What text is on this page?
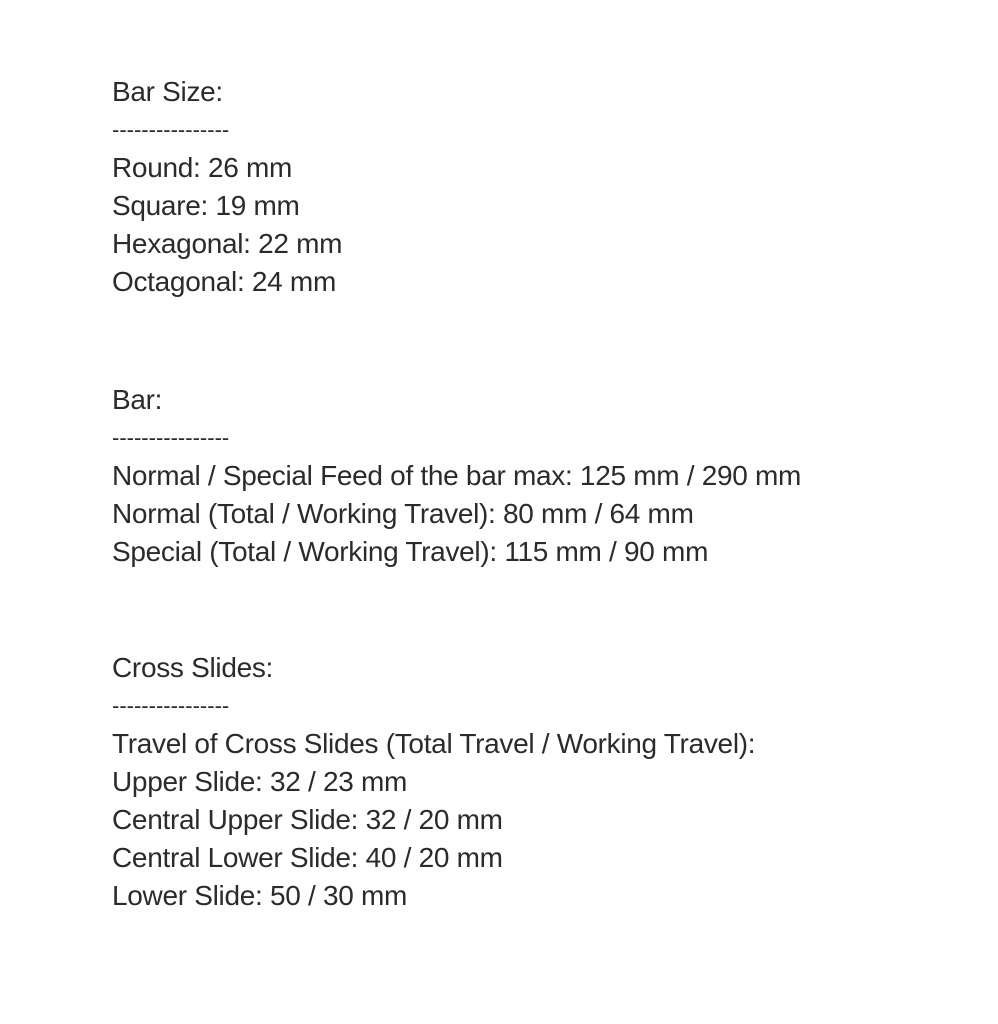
Bar Size:
----------------
Round: 26 mm
Square: 19 mm
Hexagonal: 22 mm
Octagonal: 24 mm
Bar:
----------------
Normal / Special Feed of the bar max: 125 mm / 290 mm
Normal (Total / Working Travel): 80 mm / 64 mm
Special (Total / Working Travel): 115 mm / 90 mm
Cross Slides:
----------------
Travel of Cross Slides (Total Travel / Working Travel):
Upper Slide: 32 / 23 mm
Central Upper Slide: 32 / 20 mm
Central Lower Slide: 40 / 20 mm
Lower Slide: 50 / 30 mm
